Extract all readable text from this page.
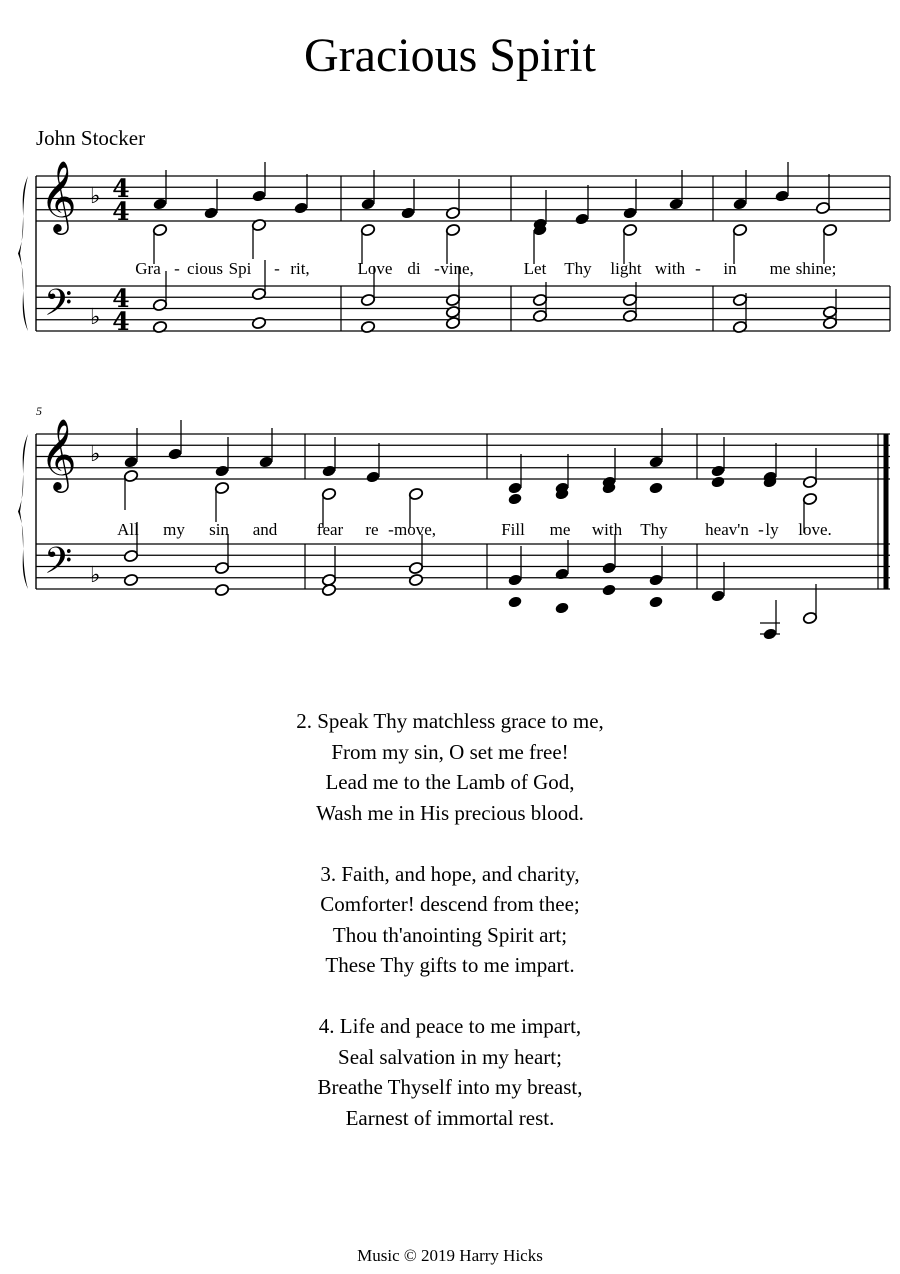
Gracious Spirit
John Stocker
𝄞
𝄢
♭
♭
4
4
4
4
Gra - cious Spi - rit,	Love di - vine,	Let Thy light with - in me shine;
𝄞
𝄢
♭
♭
5
All my sin and fear re - move,	Fill me with Thy heav'n - ly love.
2. Speak Thy matchless grace to me,
From my sin, O set me free!
Lead me to the Lamb of God,
Wash me in His precious blood.
3. Faith, and hope, and charity,
Comforter! descend from thee;
Thou th'anointing Spirit art;
These Thy gifts to me impart.
4. Life and peace to me impart,
Seal salvation in my heart;
Breathe Thyself into my breast,
Earnest of immortal rest.
Music © 2019 Harry Hicks
